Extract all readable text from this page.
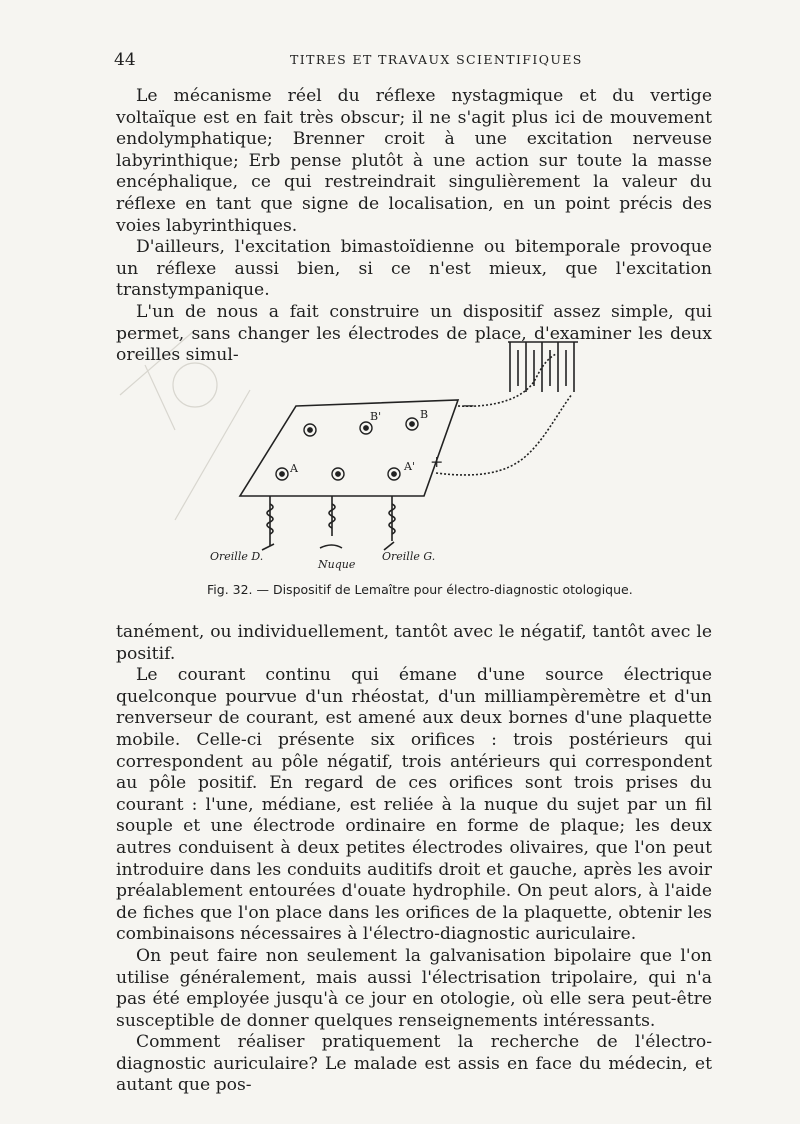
44	TITRES ET TRAVAUX SCIENTIFIQUES

Le mécanisme réel du réflexe nystagmique et du vertige voltaïque est en fait très obscur; il ne s'agit plus ici de mouvement endolymphatique; Brenner croit à une excitation nerveuse labyrinthique; Erb pense plutôt à une action sur toute la masse encéphalique, ce qui restreindrait singulièrement la valeur du réflexe en tant que signe de localisation, en un point précis des voies labyrinthiques.

D'ailleurs, l'excitation bimastoïdienne ou bitemporale provoque un réflexe aussi bien, si ce n'est mieux, que l'excitation transtympanique.

L'un de nous a fait construire un dispositif assez simple, qui permet, sans changer les électrodes de place, d'examiner les deux oreilles simul-

B'	B
A	A'
−
+
Oreille D.
Nuque
Oreille G.
Fig. 32. — Dispositif de Lemaître pour électro-diagnostic otologique.

tanément, ou individuellement, tantôt avec le négatif, tantôt avec le positif.

Le courant continu qui émane d'une source électrique quelconque pourvue d'un rhéostat, d'un milliampèremètre et d'un renverseur de courant, est amené aux deux bornes d'une plaquette mobile. Celle-ci présente six orifices : trois postérieurs qui correspondent au pôle négatif, trois antérieurs qui correspondent au pôle positif. En regard de ces orifices sont trois prises du courant : l'une, médiane, est reliée à la nuque du sujet par un fil souple et une électrode ordinaire en forme de plaque; les deux autres conduisent à deux petites électrodes olivaires, que l'on peut introduire dans les conduits auditifs droit et gauche, après les avoir préalablement entourées d'ouate hydrophile. On peut alors, à l'aide de fiches que l'on place dans les orifices de la plaquette, obtenir les combinaisons nécessaires à l'électro-diagnostic auriculaire.

On peut faire non seulement la galvanisation bipolaire que l'on utilise généralement, mais aussi l'électrisation tripolaire, qui n'a pas été employée jusqu'à ce jour en otologie, où elle sera peut-être susceptible de donner quelques renseignements intéressants.

Comment réaliser pratiquement la recherche de l'électro-diagnostic auriculaire? Le malade est assis en face du médecin, et autant que pos-
